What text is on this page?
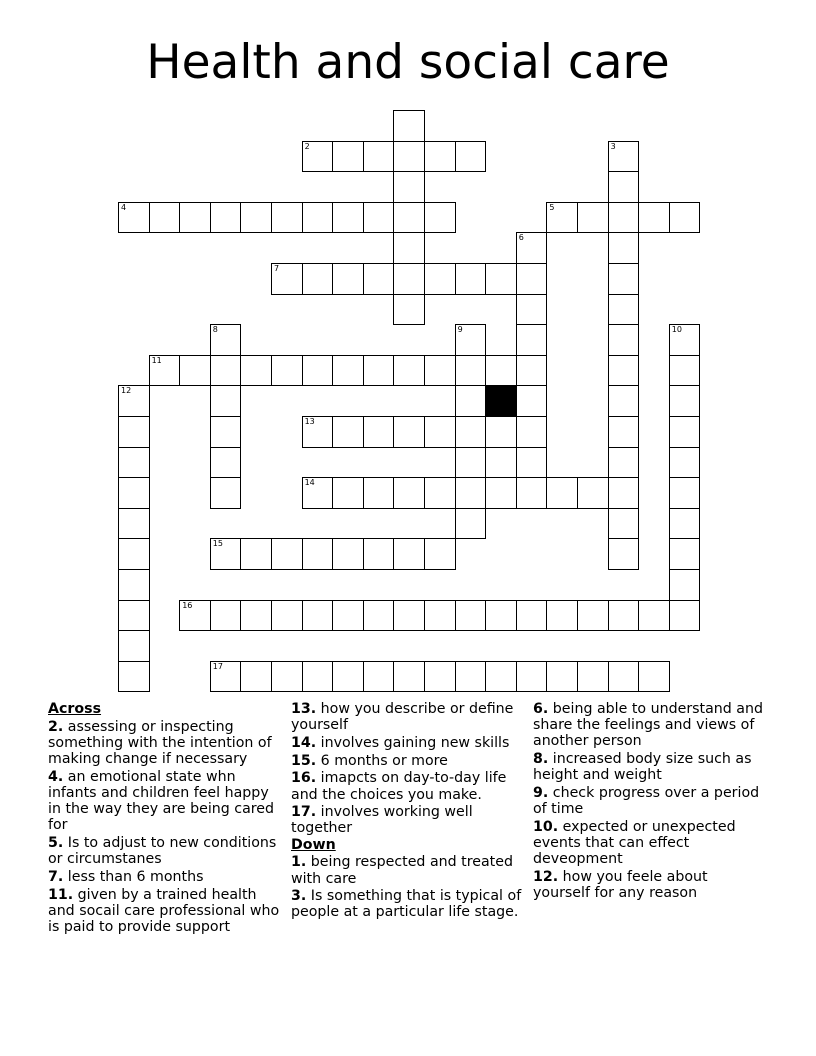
Health and social care
2
4	5
7
11
13
14
15
16
17
3
6
8	9	10
12
Across
2. assessing or inspecting something with the intention of making change if necessary
4. an emotional state whn infants and children feel happy in the way they are being cared for
5. Is to adjust to new conditions or circumstanes
7. less than 6 months
11. given by a trained health and socail care professional who is paid to provide support
13. how you describe or define yourself
14. involves gaining new skills
15. 6 months or more
16. imapcts on day-to-day life and the choices you make.
17. involves working well together
Down
1. being respected and treated with care
3. Is something that is typical of people at a particular life stage.
6. being able to understand and share the feelings and views of another person
8. increased body size such as height and weight
9. check progress over a period of time
10. expected or unexpected events that can effect deveopment
12. how you feele about yourself for any reason
